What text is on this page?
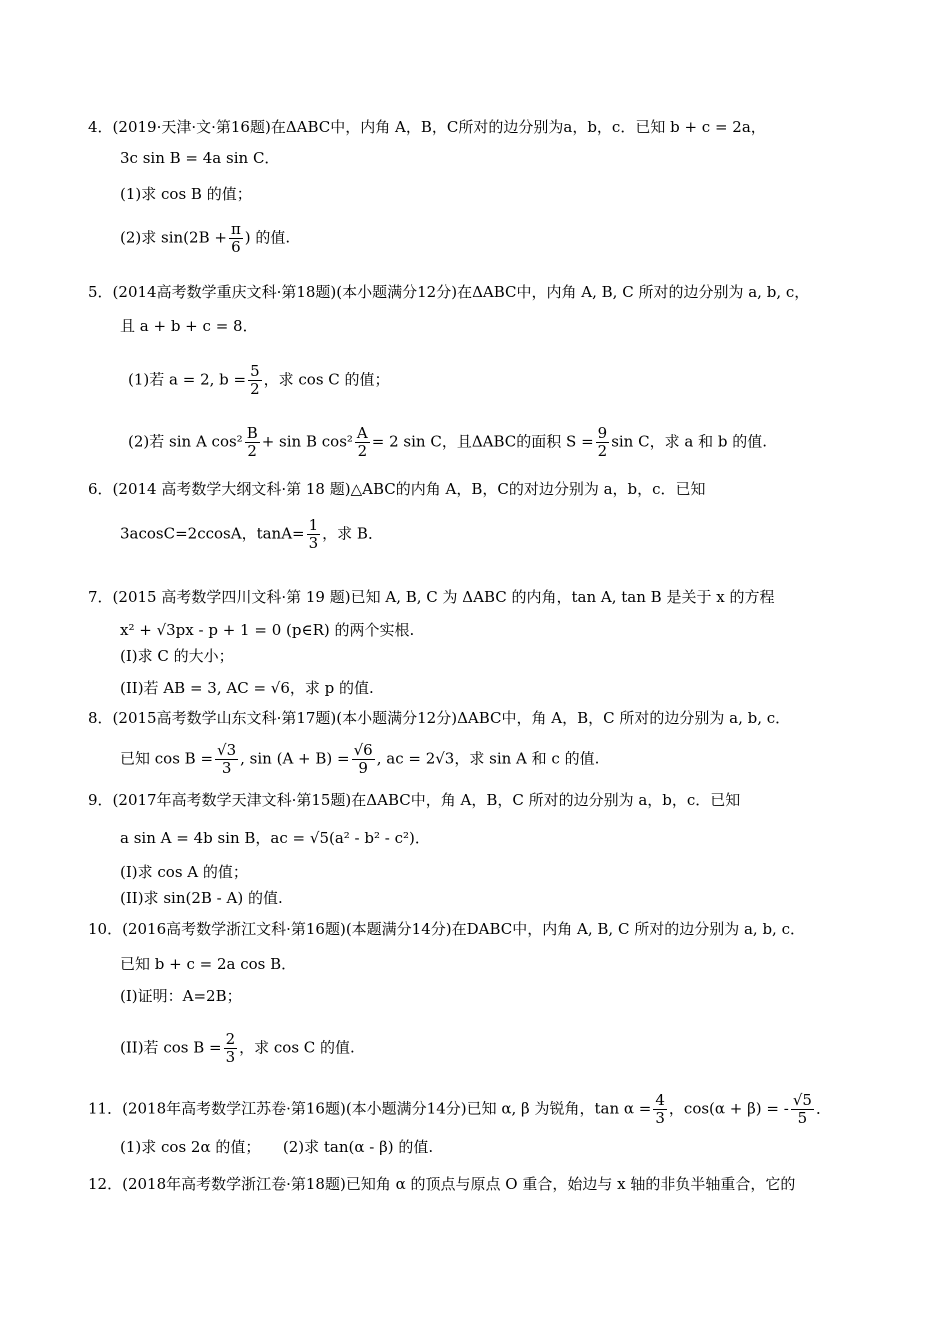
4．(2019·天津·文·第16题)在ΔABC中，内角 A，B，C所对的边分别为a，b，c．已知 b + c = 2a，
3c sin B = 4a sin C．
(1)求 cos B 的值；
(2)求 $\sin(2B + \frac{\pi}{6}$ ) 的值.
5．(2014高考数学重庆文科·第18题)(本小题满分12分)在ΔABC中，内角 A, B, C 所对的边分别为 a, b, c，
且 a + b + c = 8．
(1)若 a = 2, $b = \frac{5}{2}$ ，求 cos C 的值；
(2)若 sin A $\cos^2 \frac{B}{2} + \sin B$ $\cos^2 \frac{A}{2} = 2$ sin C，且ΔABC的面积 $S = \frac{9}{2}$ sin C，求 a 和 b 的值.
6．(2014 高考数学大纲文科·第 18 题)△ABC的内角 A，B，C的对边分别为 a，b，c．已知
3acosC=2ccosA，$\tan A= \frac{1}{3}$ ，求 B．
7．(2015 高考数学四川文科·第 19 题)已知 A, B, C 为 ΔABC 的内角，tan A, tan B 是关于 x 的方程
x² + √3px - p + 1 = 0 (p∈R) 的两个实根.
(I)求 C 的大小；
(II)若 AB = 3, AC = √6，求 p 的值.
8．(2015高考数学山东文科·第17题)(本小题满分12分)ΔABC中，角 A，B，C 所对的边分别为 a, b, c．
已知 $\cos B = \frac{√3}{3}$ , $\sin (A + B) = \frac{√6}{9}$ , ac = 2√3，求 sin A 和 c 的值.
9．(2017年高考数学天津文科·第15题)在ΔABC中，角 A，B，C 所对的边分别为 a，b，c．已知
a sin A = 4b sin B，ac = √5(a² - b² - c²)．
(I)求 cos A 的值；
(II)求 sin(2B - A) 的值.
10．(2016高考数学浙江文科·第16题)(本题满分14分)在DABC中，内角 A, B, C 所对的边分别为 a, b, c．
已知 b + c = 2a cos B．
(I)证明：A=2B；
(II)若 $\cos B = \frac{2}{3}$ ，求 cos C 的值.
11．(2018年高考数学江苏卷·第16题)(本小题满分14分)已知 α, β 为锐角，$\tan \alpha = \frac{4}{3}$ ，cos(α + β) = - $\frac{√5}{5}$ ．
(1)求 cos 2α 的值；　　(2)求 tan(α - β) 的值.
12．(2018年高考数学浙江卷·第18题)已知角 α 的顶点与原点 O 重合，始边与 x 轴的非负半轴重合，它的
